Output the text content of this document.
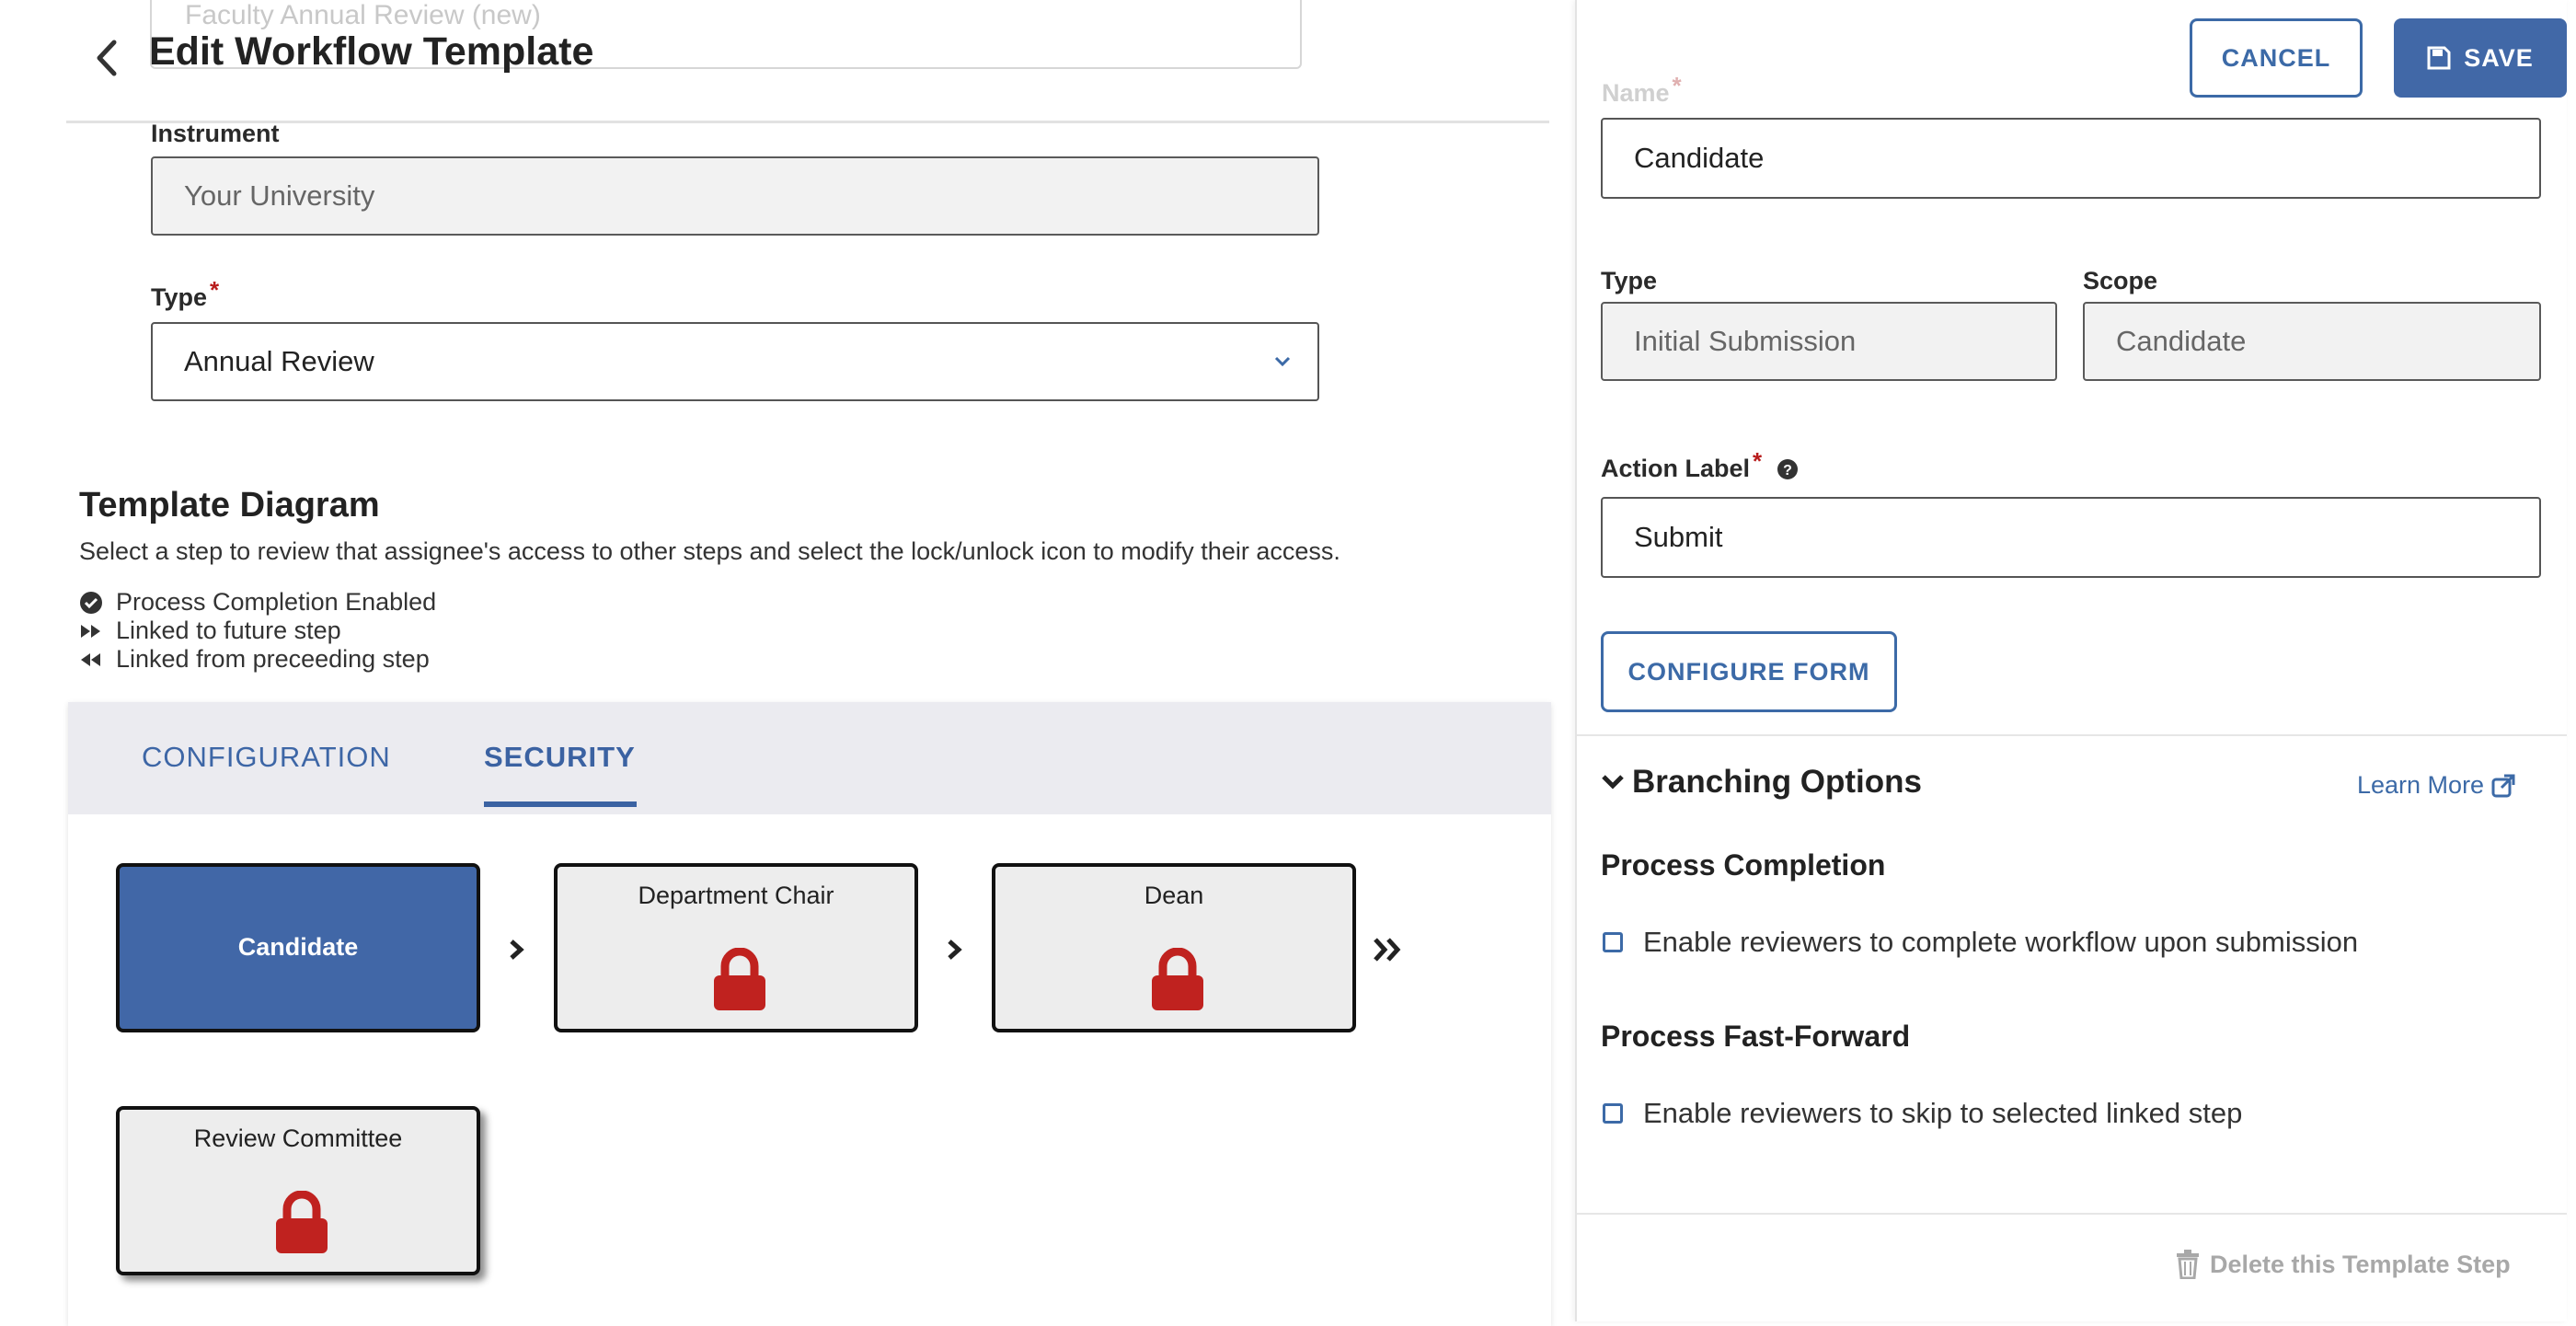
Faculty Annual Review (new)
Edit Workflow Template
Instrument
Your University
Type *
Annual Review
Template Diagram
Select a step to review that assignee's access to other steps and select the lock/unlock icon to modify their access.
Process Completion Enabled
Linked to future step
Linked from preceeding step
CONFIGURATION	SECURITY
Candidate
Department Chair	Dean
Review Committee
Name *
CANCEL	SAVE
Candidate
Type
Initial Submission
Scope
Candidate
Action Label * ?
Submit
CONFIGURE FORM
Branching Options	Learn More
Process Completion
Enable reviewers to complete workflow upon submission
Process Fast-Forward
Enable reviewers to skip to selected linked step
Delete this Template Step
